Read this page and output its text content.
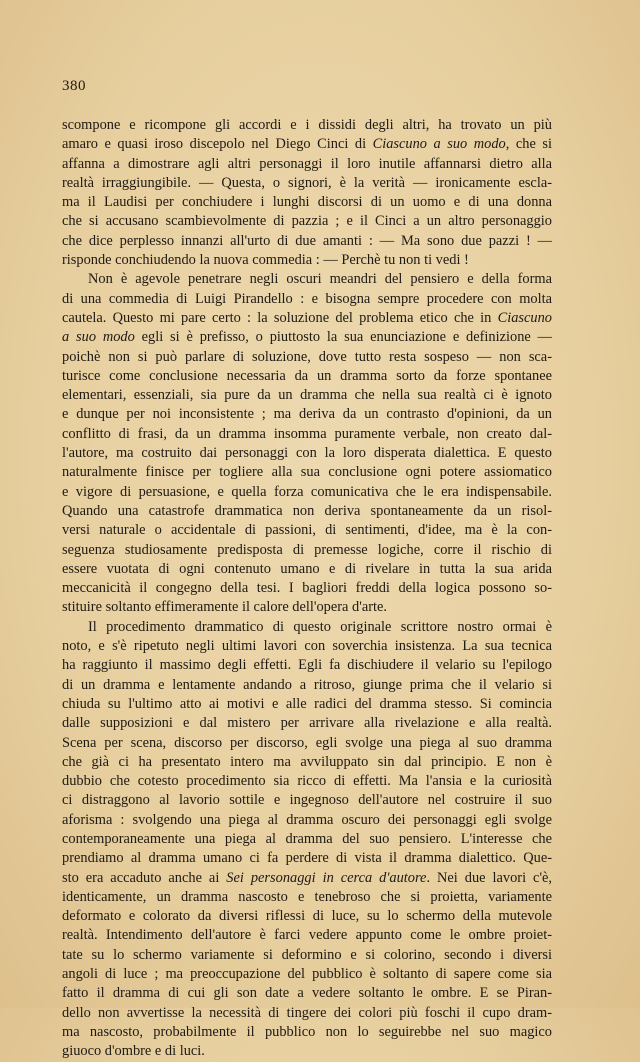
380
scompone e ricompone gli accordi e i dissidi degli altri, ha trovato un più
amaro e quasi iroso discepolo nel Diego Cinci di Ciascuno a suo modo, che si
affanna a dimostrare agli altri personaggi il loro inutile affannarsi dietro alla
realtà irraggiungibile. — Questa, o signori, è la verità — ironicamente escla-
ma il Laudisi per conchiudere i lunghi discorsi di un uomo e di una donna
che si accusano scambievolmente di pazzia ; e il Cinci a un altro personaggio
che dice perplesso innanzi all'urto di due amanti : — Ma sono due pazzi ! —
risponde conchiudendo la nuova commedia : — Perchè tu non ti vedi !
Non è agevole penetrare negli oscuri meandri del pensiero e della forma
di una commedia di Luigi Pirandello : e bisogna sempre procedere con molta
cautela. Questo mi pare certo : la soluzione del problema etico che in Ciascuno
a suo modo egli si è prefisso, o piuttosto la sua enunciazione e definizione —
poichè non si può parlare di soluzione, dove tutto resta sospeso — non sca-
turisce come conclusione necessaria da un dramma sorto da forze spontanee
elementari, essenziali, sia pure da un dramma che nella sua realtà ci è ignoto
e dunque per noi inconsistente ; ma deriva da un contrasto d'opinioni, da un
conflitto di frasi, da un dramma insomma puramente verbale, non creato dal-
l'autore, ma costruito dai personaggi con la loro disperata dialettica. E questo
naturalmente finisce per togliere alla sua conclusione ogni potere assiomatico
e vigore di persuasione, e quella forza comunicativa che le era indispensabile.
Quando una catastrofe drammatica non deriva spontaneamente da un risol-
versi naturale o accidentale di passioni, di sentimenti, d'idee, ma è la con-
seguenza studiosamente predisposta di premesse logiche, corre il rischio di
essere vuotata di ogni contenuto umano e di rivelare in tutta la sua arida
meccanicità il congegno della tesi. I bagliori freddi della logica possono so-
stituire soltanto effimeramente il calore dell'opera d'arte.
Il procedimento drammatico di questo originale scrittore nostro ormai è
noto, e s'è ripetuto negli ultimi lavori con soverchia insistenza. La sua tecnica
ha raggiunto il massimo degli effetti. Egli fa dischiudere il velario su l'epilogo
di un dramma e lentamente andando a ritroso, giunge prima che il velario si
chiuda su l'ultimo atto ai motivi e alle radici del dramma stesso. Si comincia
dalle supposizioni e dal mistero per arrivare alla rivelazione e alla realtà.
Scena per scena, discorso per discorso, egli svolge una piega al suo dramma
che già ci ha presentato intero ma avviluppato sin dal principio. E non è
dubbio che cotesto procedimento sia ricco di effetti. Ma l'ansia e la curiosità
ci distraggono al lavorio sottile e ingegnoso dell'autore nel costruire il suo
aforisma : svolgendo una piega al dramma oscuro dei personaggi egli svolge
contemporaneamente una piega al dramma del suo pensiero. L'interesse che
prendiamo al dramma umano ci fa perdere di vista il dramma dialettico. Que-
sto era accaduto anche ai Sei personaggi in cerca d'autore. Nei due lavori c'è,
identicamente, un dramma nascosto e tenebroso che si proietta, variamente
deformato e colorato da diversi riflessi di luce, su lo schermo della mutevole
realtà. Intendimento dell'autore è farci vedere appunto come le ombre proiet-
tate su lo schermo variamente si deformino e si colorino, secondo i diversi
angoli di luce ; ma preoccupazione del pubblico è soltanto di sapere come sia
fatto il dramma di cui gli son date a vedere soltanto le ombre. E se Piran-
dello non avvertisse la necessità di tingere dei colori più foschi il cupo dram-
ma nascosto, probabilmente il pubblico non lo seguirebbe nel suo magico
giuoco d'ombre e di luci.
